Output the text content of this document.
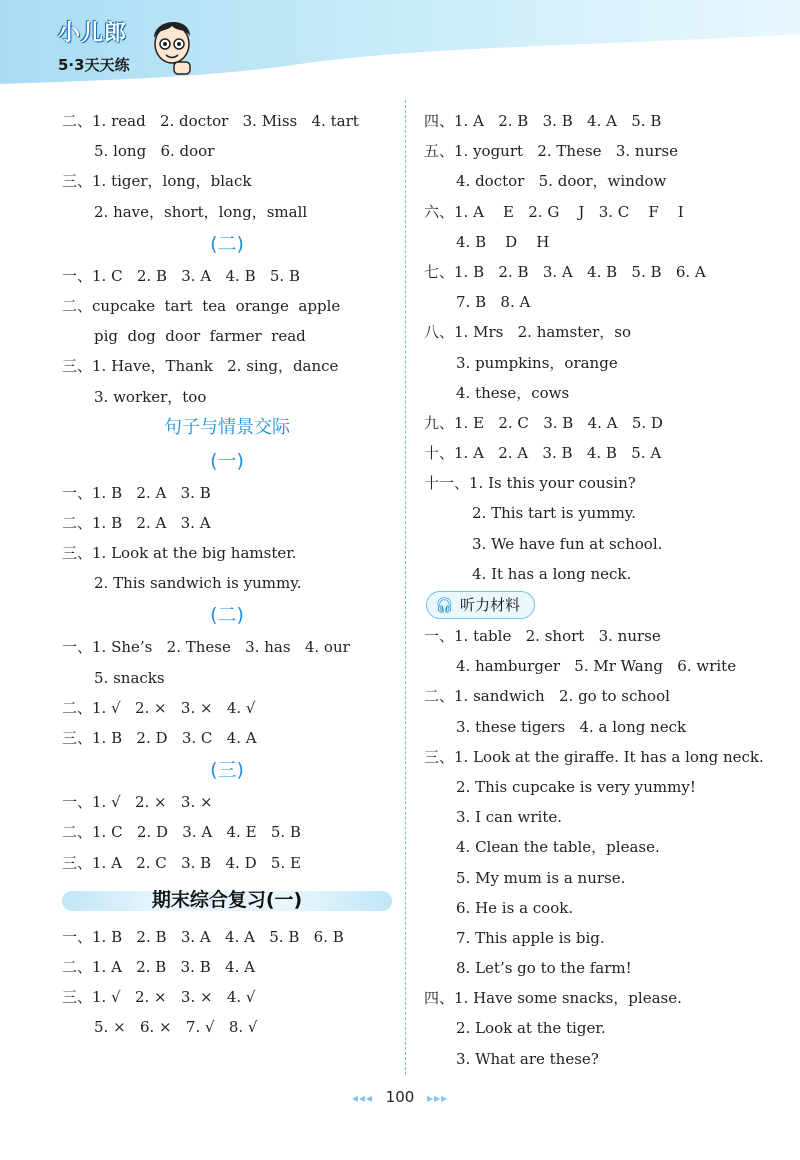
小儿郎
5·3天天练
二、1. read   2. doctor   3. Miss   4. tart
5. long   6. door
三、1. tiger，long，black
2. have，short，long，small
(二)
一、1. C   2. B   3. A   4. B   5. B
二、cupcake  tart  tea  orange  apple
pig  dog  door  farmer  read
三、1. Have，Thank   2. sing，dance
3. worker，too
句子与情景交际
(一)
一、1. B   2. A   3. B
二、1. B   2. A   3. A
三、1. Look at the big hamster.
2. This sandwich is yummy.
(二)
一、1. She’s   2. These   3. has   4. our
5. snacks
二、1. √   2. ×   3. ×   4. √
三、1. B   2. D   3. C   4. A
(三)
一、1. √   2. ×   3. ×
二、1. C   2. D   3. A   4. E   5. B
三、1. A   2. C   3. B   4. D   5. E
期末综合复习(一)
一、1. B   2. B   3. A   4. A   5. B   6. B
二、1. A   2. B   3. B   4. A
三、1. √   2. ×   3. ×   4. √
5. ×   6. ×   7. √   8. √
四、1. A   2. B   3. B   4. A   5. B
五、1. yogurt   2. These   3. nurse
4. doctor   5. door，window
六、1. A    E   2. G    J   3. C    F    I
4. B    D    H
七、1. B   2. B   3. A   4. B   5. B   6. A
7. B   8. A
八、1. Mrs   2. hamster，so
3. pumpkins，orange
4. these，cows
九、1. E   2. C   3. B   4. A   5. D
十、1. A   2. A   3. B   4. B   5. A
十一、1. Is this your cousin?
2. This tart is yummy.
3. We have fun at school.
4. It has a long neck.
🎧︎ 听力材料
一、1. table   2. short   3. nurse
4. hamburger   5. Mr Wang   6. write
二、1. sandwich   2. go to school
3. these tigers   4. a long neck
三、1. Look at the giraffe. It has a long neck.
2. This cupcake is very yummy!
3. I can write.
4. Clean the table，please.
5. My mum is a nurse.
6. He is a cook.
7. This apple is big.
8. Let’s go to the farm!
四、1. Have some snacks，please.
2. Look at the tiger.
3. What are these?
◂◂◂ 100 ▸▸▸
